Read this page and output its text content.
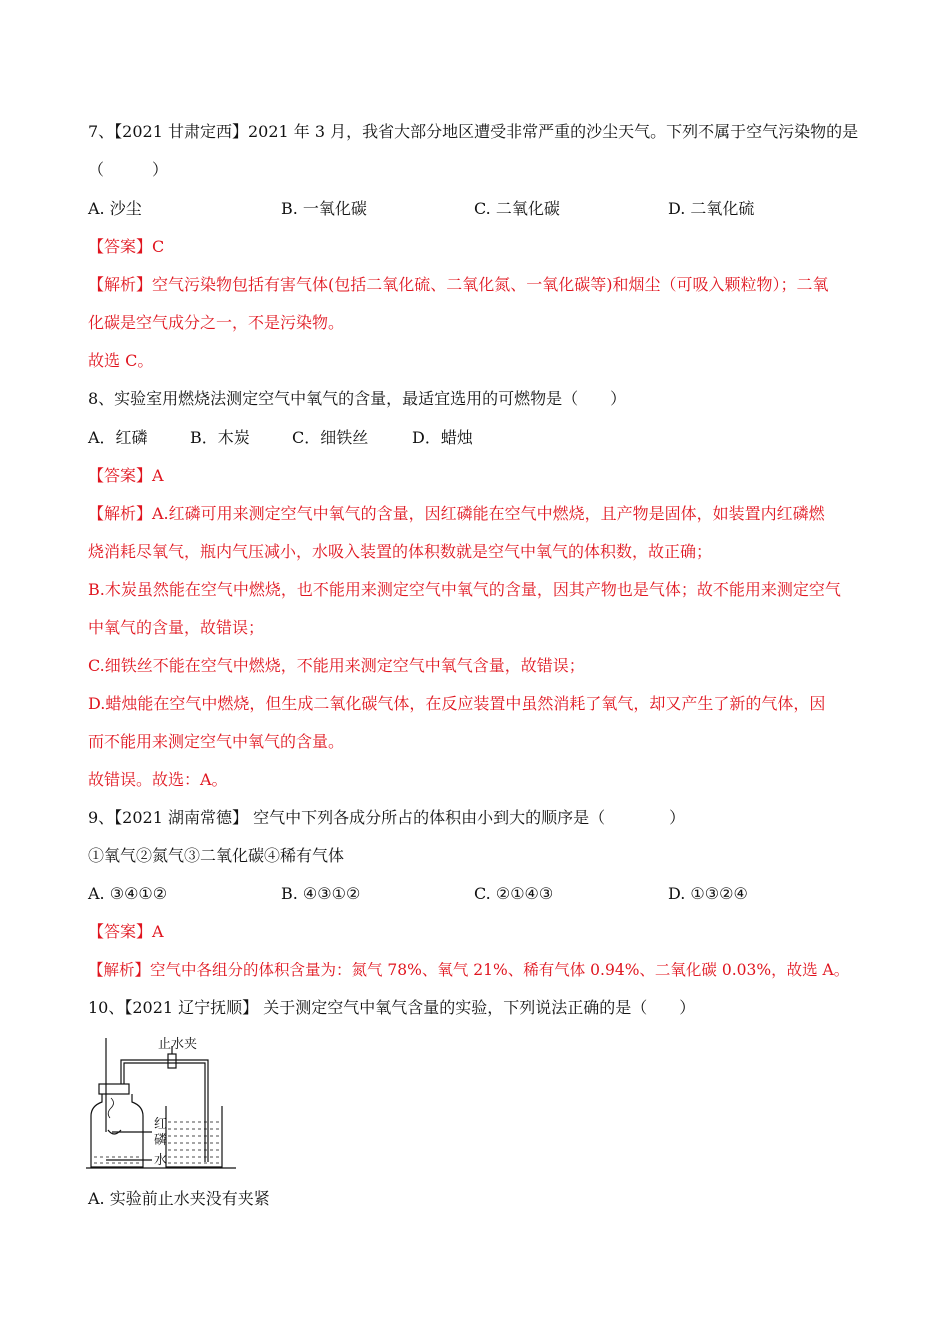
7、【2021 甘肃定西】2021 年 3 月，我省大部分地区遭受非常严重的沙尘天气。下列不属于空气污染物的是
（　　　）
A. 沙尘	B. 一氧化碳	C. 二氧化碳	D. 二氧化硫
【答案】C
【解析】空气污染物包括有害气体(包括二氧化硫、二氧化氮、一氧化碳等)和烟尘（可吸入颗粒物）；二氧
化碳是空气成分之一，不是污染物。
故选 C。
8、实验室用燃烧法测定空气中氧气的含量，最适宜选用的可燃物是（　　）
A．红磷	B．木炭	C．细铁丝	D．蜡烛
【答案】A
【解析】A.红磷可用来测定空气中氧气的含量，因红磷能在空气中燃烧，且产物是固体，如装置内红磷燃
烧消耗尽氧气，瓶内气压减小，水吸入装置的体积数就是空气中氧气的体积数，故正确；
B.木炭虽然能在空气中燃烧，也不能用来测定空气中氧气的含量，因其产物也是气体；故不能用来测定空气
中氧气的含量，故错误；
C.细铁丝不能在空气中燃烧，不能用来测定空气中氧气含量，故错误；
D.蜡烛能在空气中燃烧，但生成二氧化碳气体，在反应装置中虽然消耗了氧气，却又产生了新的气体，因
而不能用来测定空气中氧气的含量。
故错误。故选：A。
9、【2021 湖南常德】 空气中下列各成分所占的体积由小到大的顺序是（　　　　）
①氧气②氮气③二氧化碳④稀有气体
A. ③④①②	B. ④③①②	C. ②①④③	D. ①③②④
【答案】A
【解析】空气中各组分的体积含量为：氮气 78%、氧气 21%、稀有气体 0.94%、二氧化碳 0.03%，故选 A。
10、【2021 辽宁抚顺】 关于测定空气中氧气含量的实验，下列说法正确的是（　　）
止水夹
红
磷
水
A. 实验前止水夹没有夹紧
